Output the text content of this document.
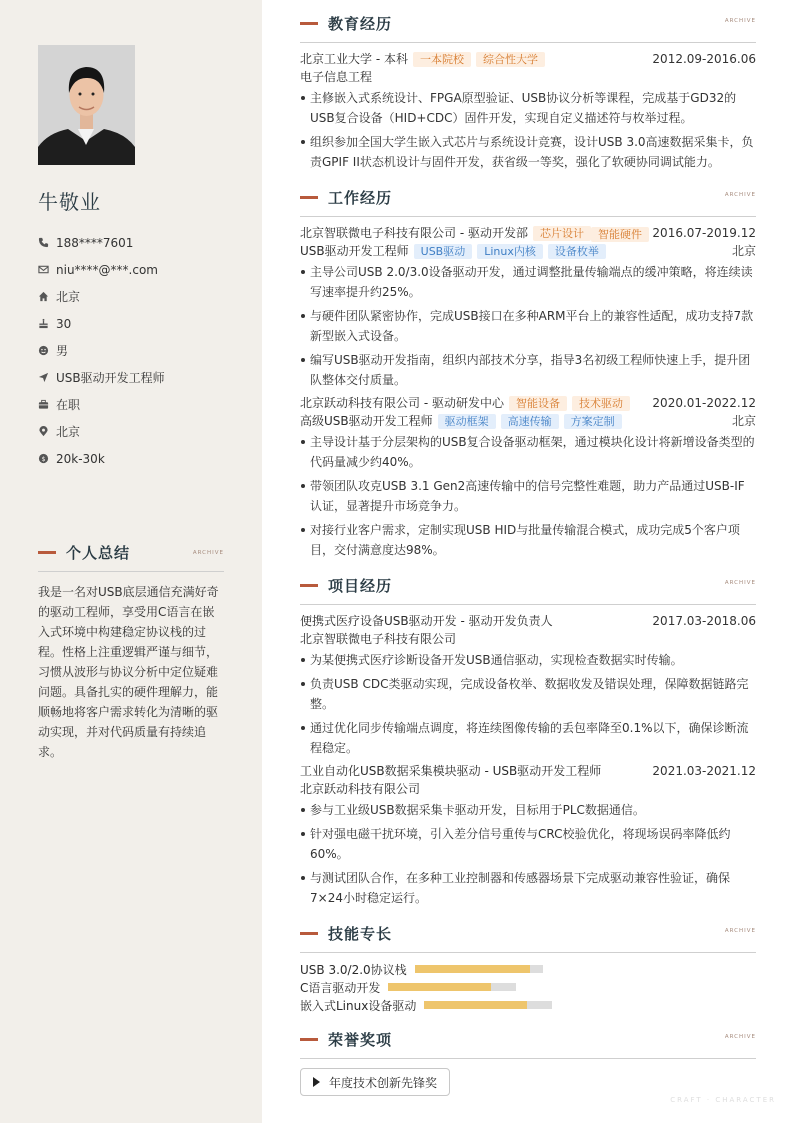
牛敬业
188****7601
niu****@***.com
北京
30
男
USB驱动开发工程师
在职
北京
$ 20k-30k
个人总结	ARCHIVE

我是一名对USB底层通信充满好奇的驱动工程师，享受用C语言在嵌入式环境中构建稳定协议栈的过程。性格上注重逻辑严谨与细节，习惯从波形与协议分析中定位疑难问题。具备扎实的硬件理解力，能顺畅地将客户需求转化为清晰的驱动实现，并对代码质量有持续追求。

教育经历	ARCHIVE
北京工业大学 - 本科	一本院校	综合性大学	2012.09-2016.06
电子信息工程
主修嵌入式系统设计、FPGA原型验证、USB协议分析等课程，完成基于GD32的USB复合设备（HID+CDC）固件开发，实现自定义描述符与枚举过程。
组织参加全国大学生嵌入式芯片与系统设计竞赛，设计USB 3.0高速数据采集卡，负责GPIF II状态机设计与固件开发，获省级一等奖，强化了软硬协同调试能力。
工作经历	ARCHIVE
北京智联微电子科技有限公司 - 驱动开发部	芯片设计	智能硬件 2016.07-2019.12
USB驱动开发工程师	USB驱动	Linux内核	设备枚举	北京
主导公司USB 2.0/3.0设备驱动开发，通过调整批量传输端点的缓冲策略，将连续读写速率提升约25%。
与硬件团队紧密协作，完成USB接口在多种ARM平台上的兼容性适配，成功支持7款新型嵌入式设备。
编写USB驱动开发指南，组织内部技术分享，指导3名初级工程师快速上手，提升团队整体交付质量。
北京跃动科技有限公司 - 驱动研发中心	智能设备	技术驱动	2020.01-2022.12
高级USB驱动开发工程师	驱动框架	高速传输	方案定制	北京
主导设计基于分层架构的USB复合设备驱动框架，通过模块化设计将新增设备类型的代码量减少约40%。
带领团队攻克USB 3.1 Gen2高速传输中的信号完整性难题，助力产品通过USB-IF认证，显著提升市场竞争力。
对接行业客户需求，定制实现USB HID与批量传输混合模式，成功完成5个客户项目，交付满意度达98%。
项目经历	ARCHIVE
便携式医疗设备USB驱动开发 - 驱动开发负责人	2017.03-2018.06
北京智联微电子科技有限公司
为某便携式医疗诊断设备开发USB通信驱动，实现检查数据实时传输。
负责USB CDC类驱动实现，完成设备枚举、数据收发及错误处理，保障数据链路完整。
通过优化同步传输端点调度，将连续图像传输的丢包率降至0.1%以下，确保诊断流程稳定。
工业自动化USB数据采集模块驱动 - USB驱动开发工程师	2021.03-2021.12
北京跃动科技有限公司
参与工业级USB数据采集卡驱动开发，目标用于PLC数据通信。
针对强电磁干扰环境，引入差分信号重传与CRC校验优化，将现场误码率降低约60%。
与测试团队合作，在多种工业控制器和传感器场景下完成驱动兼容性验证，确保7×24小时稳定运行。
技能专长	ARCHIVE
USB 3.0/2.0协议栈
C语言驱动开发
嵌入式Linux设备驱动
荣誉奖项	ARCHIVE
年度技术创新先锋奖
CRAFT · CHARACTER
